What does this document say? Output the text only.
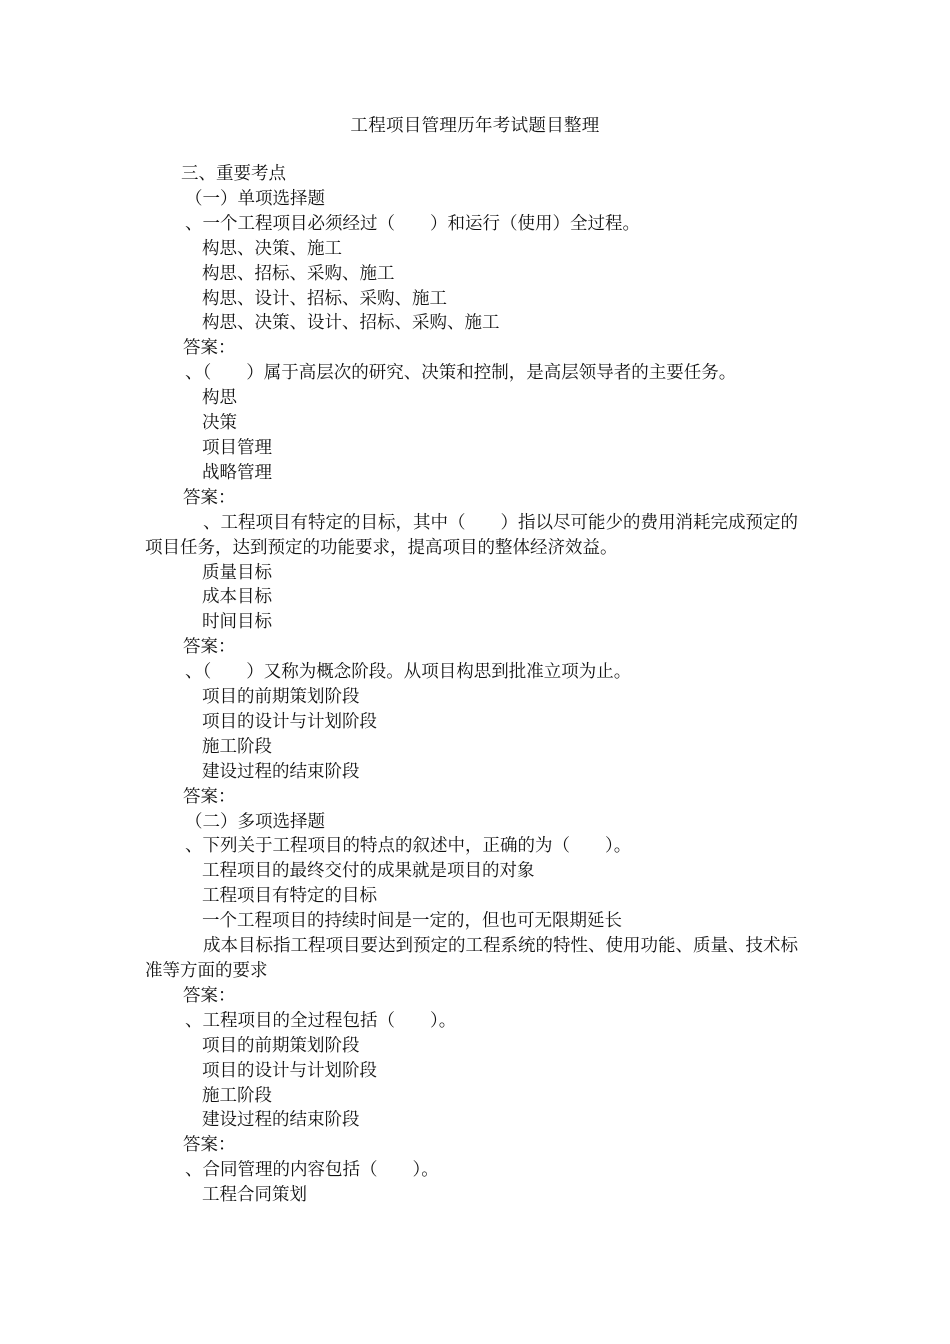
工程项目管理历年考试题目整理

三、重要考点

（一）单项选择题

、一个工程项目必须经过（　　）和运行（使用）全过程。

构思、决策、施工

构思、招标、采购、施工

构思、设计、招标、采购、施工

构思、决策、设计、招标、采购、施工

答案：

、（　　）属于高层次的研究、决策和控制，是高层领导者的主要任务。

构思

决策

项目管理

战略管理

答案：

、工程项目有特定的目标，其中（　　）指以尽可能少的费用消耗完成预定的项目任务，达到预定的功能要求，提高项目的整体经济效益。

质量目标

成本目标

时间目标

答案：

、（　　）又称为概念阶段。从项目构思到批准立项为止。

项目的前期策划阶段

项目的设计与计划阶段

施工阶段

建设过程的结束阶段

答案：

（二）多项选择题

、下列关于工程项目的特点的叙述中，正确的为（　　）。

工程项目的最终交付的成果就是项目的对象

工程项目有特定的目标

一个工程项目的持续时间是一定的，但也可无限期延长

成本目标指工程项目要达到预定的工程系统的特性、使用功能、质量、技术标准等方面的要求

答案：

、工程项目的全过程包括（　　）。

项目的前期策划阶段

项目的设计与计划阶段

施工阶段

建设过程的结束阶段

答案：

、合同管理的内容包括（　　）。

工程合同策划
